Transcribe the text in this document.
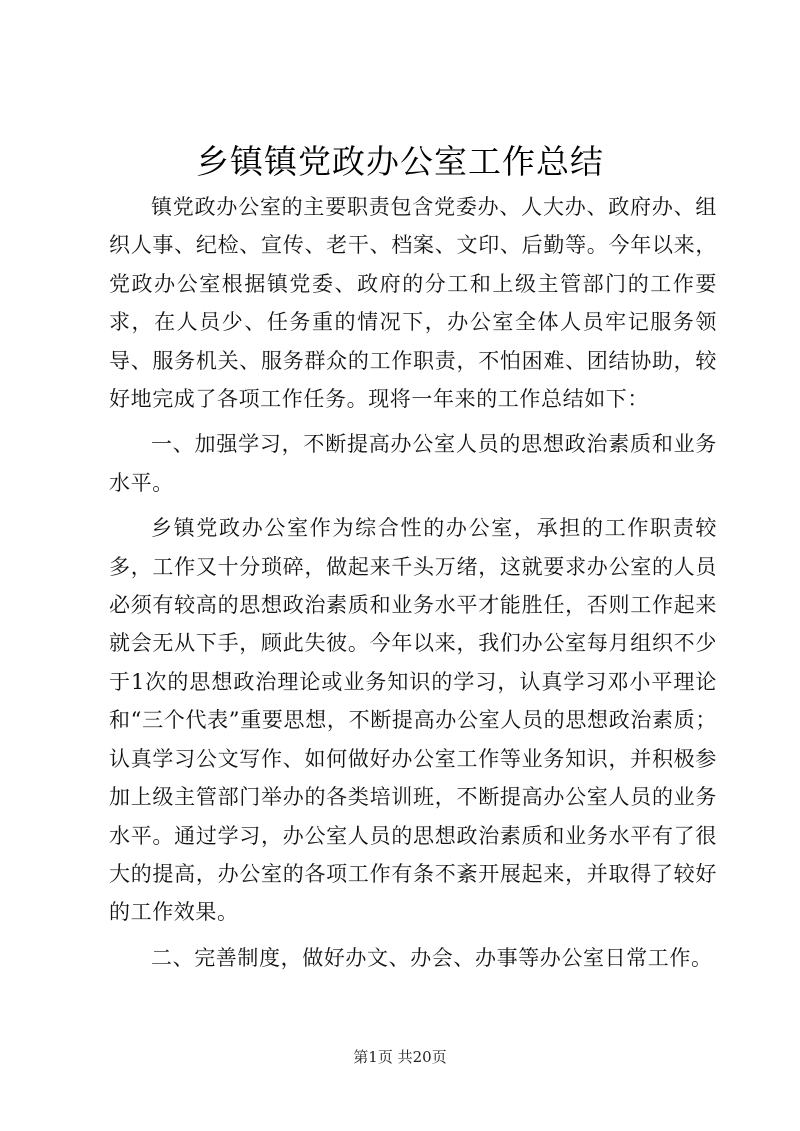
乡镇镇党政办公室工作总结

镇党政办公室的主要职责包含党委办、人大办、政府办、组织人事、纪检、宣传、老干、档案、文印、后勤等。今年以来，党政办公室根据镇党委、政府的分工和上级主管部门的工作要求，在人员少、任务重的情况下，办公室全体人员牢记服务领导、服务机关、服务群众的工作职责，不怕困难、团结协助，较好地完成了各项工作任务。现将一年来的工作总结如下：

一、加强学习，不断提高办公室人员的思想政治素质和业务水平。

乡镇党政办公室作为综合性的办公室，承担的工作职责较多，工作又十分琐碎，做起来千头万绪，这就要求办公室的人员必须有较高的思想政治素质和业务水平才能胜任，否则工作起来就会无从下手，顾此失彼。今年以来，我们办公室每月组织不少于1次的思想政治理论或业务知识的学习，认真学习邓小平理论和“三个代表”重要思想，不断提高办公室人员的思想政治素质；认真学习公文写作、如何做好办公室工作等业务知识，并积极参加上级主管部门举办的各类培训班，不断提高办公室人员的业务水平。通过学习，办公室人员的思想政治素质和业务水平有了很大的提高，办公室的各项工作有条不紊开展起来，并取得了较好的工作效果。

二、完善制度，做好办文、办会、办事等办公室日常工作。

第1页 共20页
